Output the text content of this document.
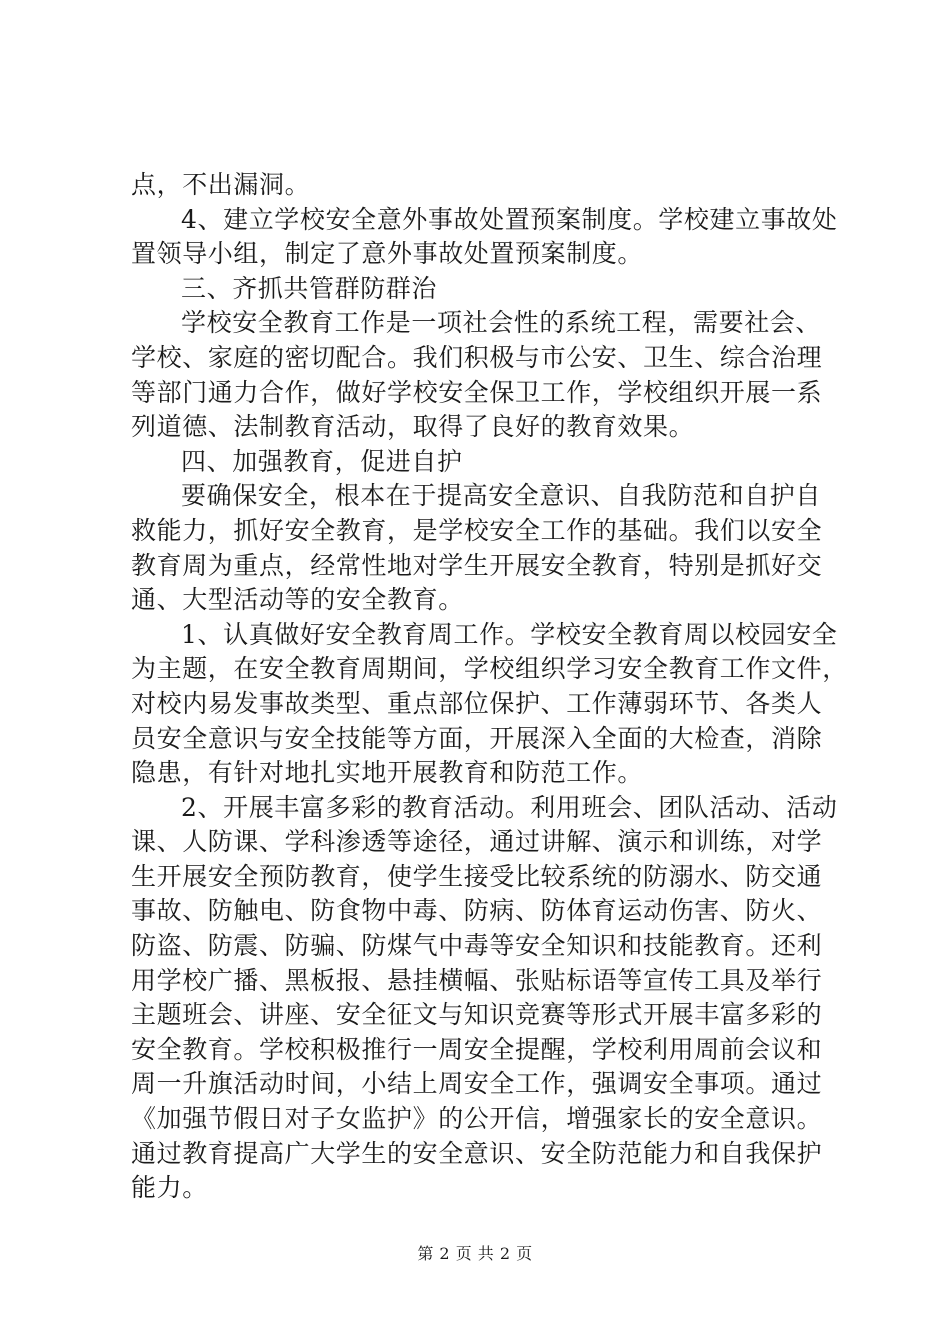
点，不出漏洞。
4、建立学校安全意外事故处置预案制度。学校建立事故处
置领导小组，制定了意外事故处置预案制度。
三、齐抓共管群防群治
学校安全教育工作是一项社会性的系统工程，需要社会、
学校、家庭的密切配合。我们积极与市公安、卫生、综合治理
等部门通力合作，做好学校安全保卫工作，学校组织开展一系
列道德、法制教育活动，取得了良好的教育效果。
四、加强教育，促进自护
要确保安全，根本在于提高安全意识、自我防范和自护自
救能力，抓好安全教育，是学校安全工作的基础。我们以安全
教育周为重点，经常性地对学生开展安全教育，特别是抓好交
通、大型活动等的安全教育。
1、认真做好安全教育周工作。学校安全教育周以校园安全
为主题，在安全教育周期间，学校组织学习安全教育工作文件，
对校内易发事故类型、重点部位保护、工作薄弱环节、各类人
员安全意识与安全技能等方面，开展深入全面的大检查，消除
隐患，有针对地扎实地开展教育和防范工作。
2、开展丰富多彩的教育活动。利用班会、团队活动、活动
课、人防课、学科渗透等途径，通过讲解、演示和训练，对学
生开展安全预防教育，使学生接受比较系统的防溺水、防交通
事故、防触电、防食物中毒、防病、防体育运动伤害、防火、
防盗、防震、防骗、防煤气中毒等安全知识和技能教育。还利
用学校广播、黑板报、悬挂横幅、张贴标语等宣传工具及举行
主题班会、讲座、安全征文与知识竞赛等形式开展丰富多彩的
安全教育。学校积极推行一周安全提醒，学校利用周前会议和
周一升旗活动时间，小结上周安全工作，强调安全事项。通过
《加强节假日对子女监护》的公开信，增强家长的安全意识。
通过教育提高广大学生的安全意识、安全防范能力和自我保护
能力。
第 2 页 共 2 页
